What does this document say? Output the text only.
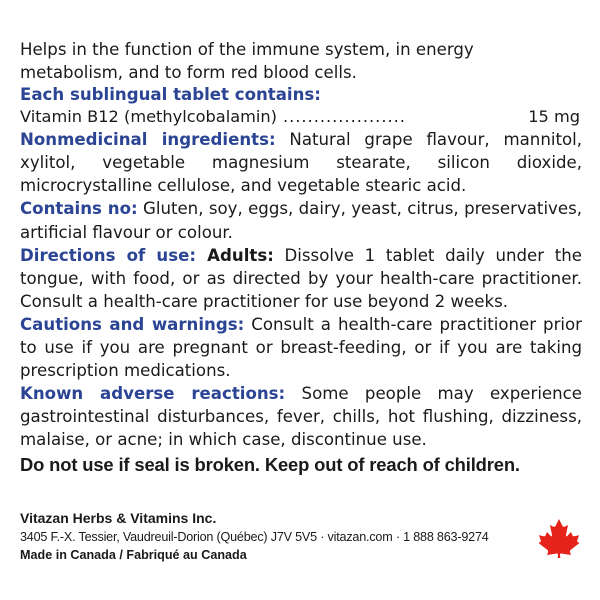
Helps in the function of the immune system, in energy metabolism, and to form red blood cells.

Each sublingual tablet contains:

Vitamin B12 (methylcobalamin) ....................	15 mg

Nonmedicinal ingredients: Natural grape flavour, mannitol, xylitol, vegetable magnesium stearate, silicon dioxide, microcrystalline cellulose, and vegetable stearic acid.

Contains no: Gluten, soy, eggs, dairy, yeast, citrus, preservatives, artificial flavour or colour.

Directions of use: Adults: Dissolve 1 tablet daily under the tongue, with food, or as directed by your health-care practitioner. Consult a health-care practitioner for use beyond 2 weeks.

Cautions and warnings: Consult a health-care practitioner prior to use if you are pregnant or breast-feeding, or if you are taking prescription medications.

Known adverse reactions: Some people may experience gastrointestinal disturbances, fever, chills, hot flushing, dizziness, malaise, or acne; in which case, discontinue use.

Do not use if seal is broken. Keep out of reach of children.

Vitazan Herbs & Vitamins Inc.

3405 F.-X. Tessier, Vaudreuil-Dorion (Québec) J7V 5V5 · vitazan.com · 1 888 863-9274

Made in Canada / Fabriqué au Canada
